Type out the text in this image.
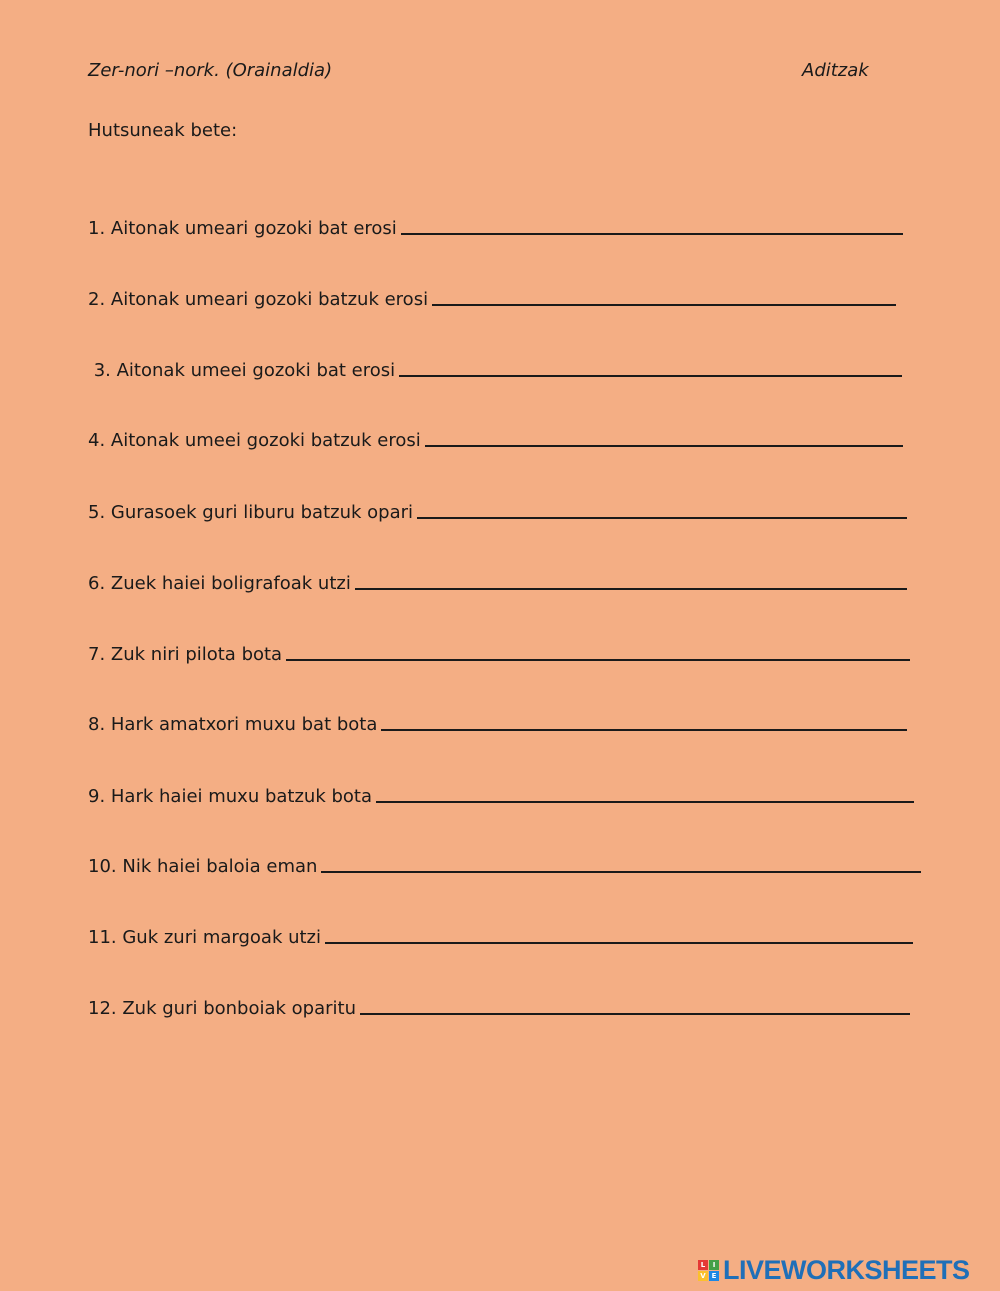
Zer-nori –nork. (Orainaldia)	Aditzak
Hutsuneak bete:
1. Aitonak umeari gozoki bat erosi
2. Aitonak umeari gozoki batzuk erosi
3. Aitonak umeei gozoki bat erosi
4. Aitonak umeei gozoki batzuk erosi
5. Gurasoek guri liburu batzuk opari
6. Zuek haiei boligrafoak utzi
7. Zuk niri pilota bota
8. Hark amatxori muxu bat bota
9. Hark haiei muxu batzuk bota
10. Nik haiei baloia eman
11. Guk zuri margoak utzi
12. Zuk guri bonboiak oparitu
L	I
V E LIVEWORKSHEETS
